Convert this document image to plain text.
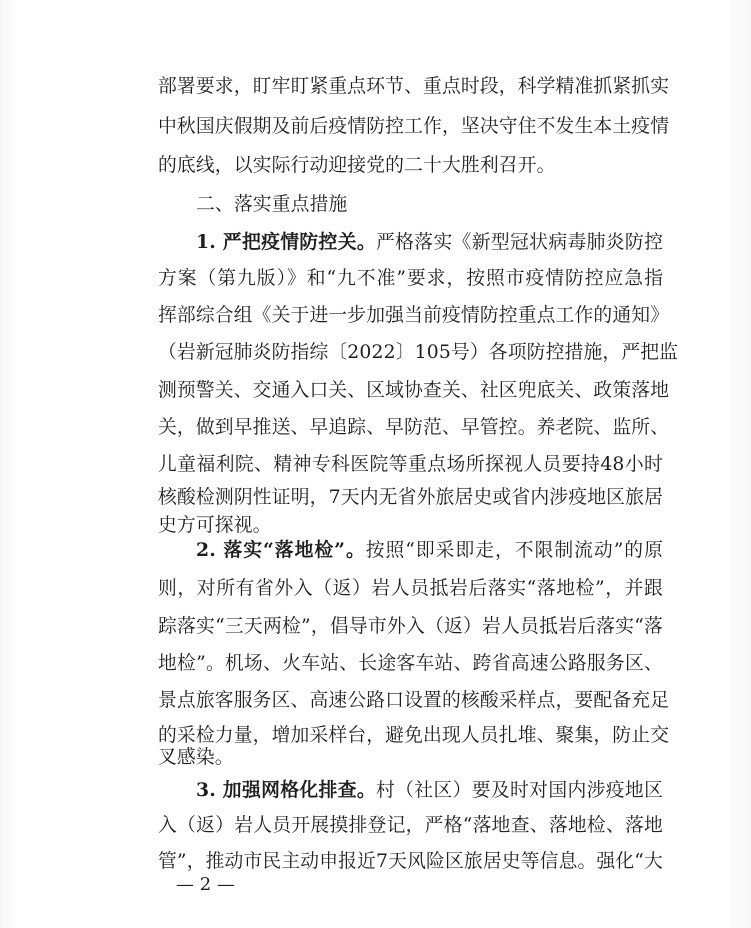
部署要求，盯牢盯紧重点环节、重点时段，科学精准抓紧抓实
中秋国庆假期及前后疫情防控工作，坚决守住不发生本土疫情
的底线，以实际行动迎接党的二十大胜利召开。
二、落实重点措施
1. 严把疫情防控关。严格落实《新型冠状病毒肺炎防控
方案（第九版）》和“九不准”要求，按照市疫情防控应急指
挥部综合组《关于进一步加强当前疫情防控重点工作的通知》
（岩新冠肺炎防指综〔2022〕105号）各项防控措施，严把监
测预警关、交通入口关、区域协查关、社区兜底关、政策落地
关，做到早推送、早追踪、早防范、早管控。养老院、监所、
儿童福利院、精神专科医院等重点场所探视人员要持48小时
核酸检测阴性证明，7天内无省外旅居史或省内涉疫地区旅居
史方可探视。
2. 落实“落地检”。按照“即采即走，不限制流动”的原
则，对所有省外入（返）岩人员抵岩后落实“落地检”，并跟
踪落实“三天两检”，倡导市外入（返）岩人员抵岩后落实“落
地检”。机场、火车站、长途客车站、跨省高速公路服务区、
景点旅客服务区、高速公路口设置的核酸采样点，要配备充足
的采检力量，增加采样台，避免出现人员扎堆、聚集，防止交
叉感染。
— 2 —
3. 加强网格化排查。村（社区）要及时对国内涉疫地区
入（返）岩人员开展摸排登记，严格“落地查、落地检、落地
管”，推动市民主动申报近7天风险区旅居史等信息。强化“大
